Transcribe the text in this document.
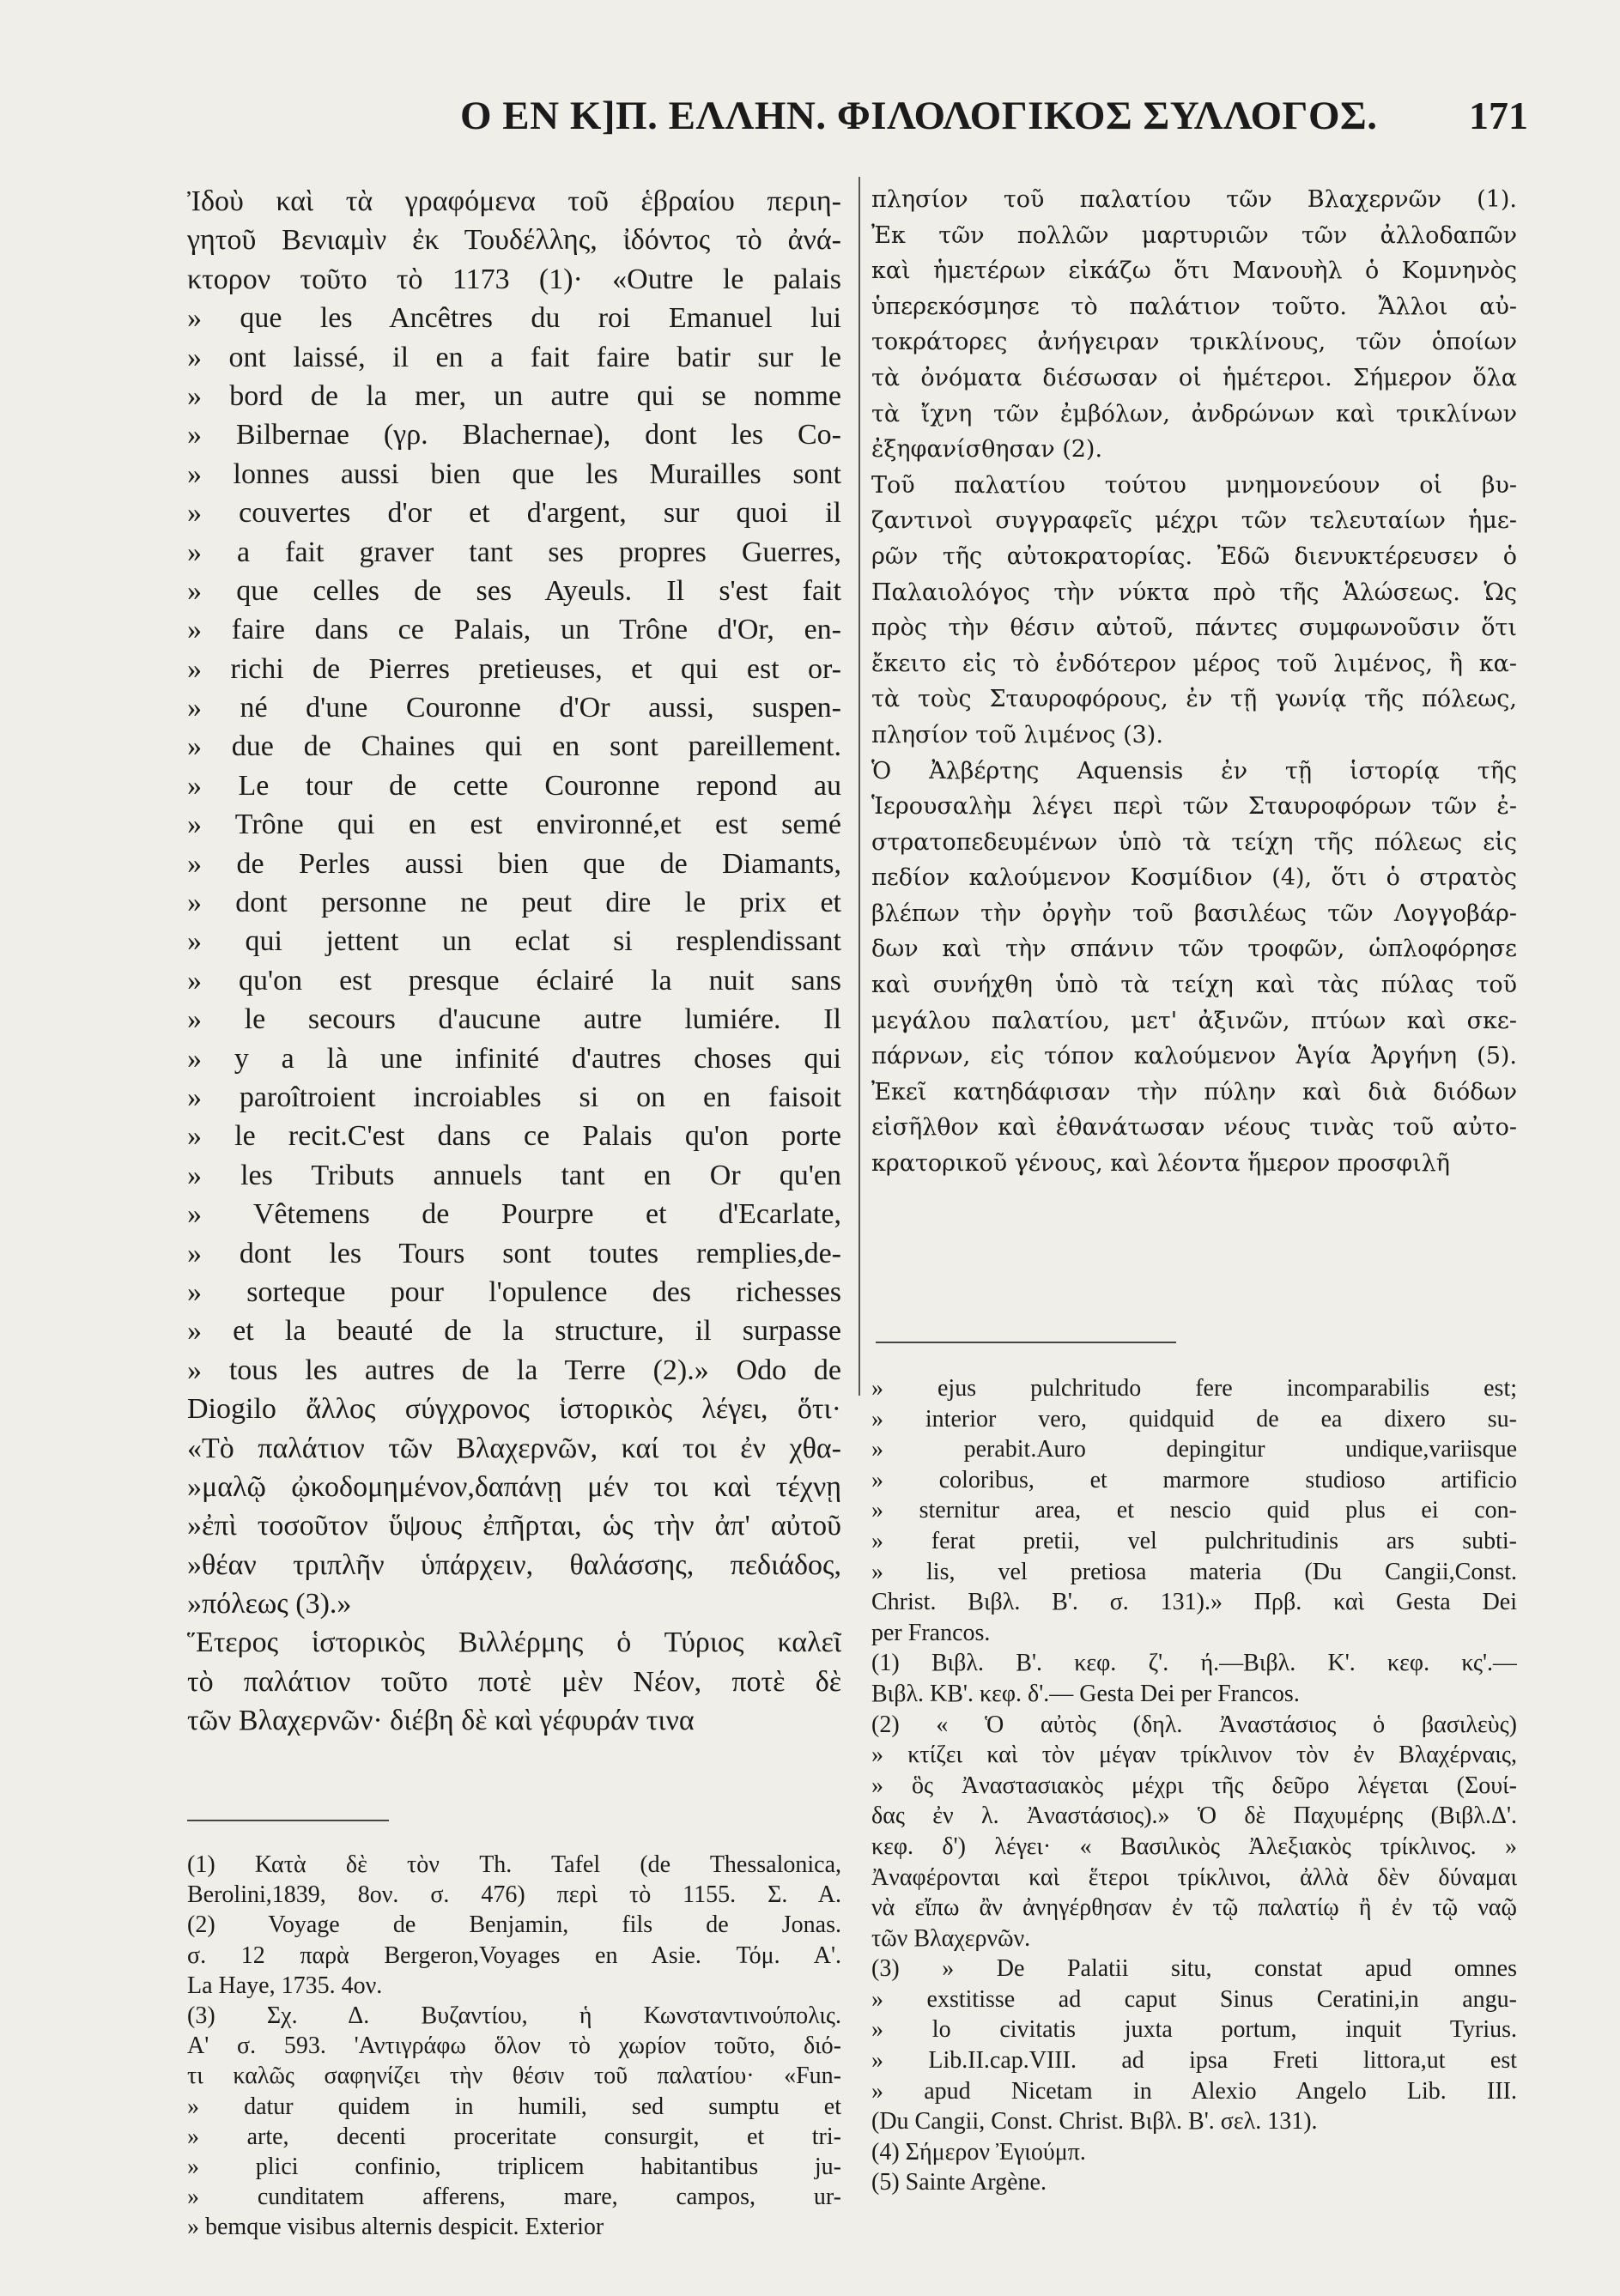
Ο ΕΝ Κ]Π. ΕΛΛΗΝ. ΦΙΛΟΛΟΓΙΚΟΣ ΣΥΛΛΟΓΟΣ. 171
Ἰδοὺ καὶ τὰ γραφόμενα τοῦ ἑβραίου περιη-
γητοῦ Βενιαμὶν ἐκ Τουδέλλης, ἰδόντος τὸ ἀνά-
κτορον τοῦτο τὸ 1173 (1)· «Outre le palais
» que les Ancêtres du roi Emanuel lui
» ont laissé, il en a fait faire batir sur le
» bord de la mer, un autre qui se nomme
» Bilbernae (γρ. Blachernae), dont les Co-
» lonnes aussi bien que les Murailles sont
» couvertes d'or et d'argent, sur quoi il
» a fait graver tant ses propres Guerres,
» que celles de ses Ayeuls. Il s'est fait
» faire dans ce Palais, un Trône d'Or, en-
» richi de Pierres pretieuses, et qui est or-
» né d'une Couronne d'Or aussi, suspen-
» due de Chaines qui en sont pareillement.
» Le tour de cette Couronne repond au
» Trône qui en est environné,et est semé
» de Perles aussi bien que de Diamants,
» dont personne ne peut dire le prix et
» qui jettent un eclat si resplendissant
» qu'on est presque éclairé la nuit sans
» le secours d'aucune autre lumiére. Il
» y a là une infinité d'autres choses qui
» paroîtroient incroiables si on en faisoit
» le recit.C'est dans ce Palais qu'on porte
» les Tributs annuels tant en Or qu'en
» Vêtemens de Pourpre et d'Ecarlate,
» dont les Tours sont toutes remplies,de-
» sorteque pour l'opulence des richesses
» et la beauté de la structure, il surpasse
» tous les autres de la Terre (2).» Odo de
Diogilo ἄλλος σύγχρονος ἱστορικὸς λέγει, ὅτι·
«Τὸ παλάτιον τῶν Βλαχερνῶν, καί τοι ἐν χθα-
»μαλῷ ᾠκοδομημένον,δαπάνῃ μέν τοι καὶ τέχνῃ
»ἐπὶ τοσοῦτον ὕψους ἐπῆρται, ὡς τὴν ἀπ' αὐτοῦ
»θέαν τριπλῆν ὑπάρχειν, θαλάσσης, πεδιάδος,
»πόλεως (3).»
Ἕτερος ἱστορικὸς Βιλλέρμης ὁ Τύριος καλεῖ
τὸ παλάτιον τοῦτο ποτὲ μὲν Νέον, ποτὲ δὲ
τῶν Βλαχερνῶν· διέβη δὲ καὶ γέφυράν τινα
πλησίον τοῦ παλατίου τῶν Βλαχερνῶν (1).
Ἐκ τῶν πολλῶν μαρτυριῶν τῶν ἀλλοδαπῶν
καὶ ἡμετέρων εἰκάζω ὅτι Μανουὴλ ὁ Κομνηνὸς
ὑπερεκόσμησε τὸ παλάτιον τοῦτο. Ἄλλοι αὐ-
τοκράτορες ἀνήγειραν τρικλίνους, τῶν ὁποίων
τὰ ὀνόματα διέσωσαν οἱ ἡμέτεροι. Σήμερον ὅλα
τὰ ἴχνη τῶν ἐμβόλων, ἀνδρώνων καὶ τρικλίνων
ἐξηφανίσθησαν (2).
Τοῦ παλατίου τούτου μνημονεύουν οἱ βυ-
ζαντινοὶ συγγραφεῖς μέχρι τῶν τελευταίων ἡμε-
ρῶν τῆς αὐτοκρατορίας. Ἐδῶ διενυκτέρευσεν ὁ
Παλαιολόγος τὴν νύκτα πρὸ τῆς Ἁλώσεως. Ὡς
πρὸς τὴν θέσιν αὐτοῦ, πάντες συμφωνοῦσιν ὅτι
ἔκειτο εἰς τὸ ἐνδότερον μέρος τοῦ λιμένος, ἢ κα-
τὰ τοὺς Σταυροφόρους, ἐν τῇ γωνίᾳ τῆς πόλεως,
πλησίον τοῦ λιμένος (3).
Ὁ Ἀλβέρτης Aquensis ἐν τῇ ἱστορίᾳ τῆς
Ἱερουσαλὴμ λέγει περὶ τῶν Σταυροφόρων τῶν ἐ-
στρατοπεδευμένων ὑπὸ τὰ τείχη τῆς πόλεως εἰς
πεδίον καλούμενον Κοσμίδιον (4), ὅτι ὁ στρατὸς
βλέπων τὴν ὀργὴν τοῦ βασιλέως τῶν Λογγοβάρ-
δων καὶ τὴν σπάνιν τῶν τροφῶν, ὡπλοφόρησε
καὶ συνήχθη ὑπὸ τὰ τείχη καὶ τὰς πύλας τοῦ
μεγάλου παλατίου, μετ' ἀξινῶν, πτύων καὶ σκε-
πάρνων, εἰς τόπον καλούμενον Ἁγία Ἀργήνη (5).
Ἐκεῖ κατηδάφισαν τὴν πύλην καὶ διὰ διόδων
εἰσῆλθον καὶ ἐθανάτωσαν νέους τινὰς τοῦ αὐτο-
κρατορικοῦ γένους, καὶ λέοντα ἥμερον προσφιλῆ
(1) Κατὰ δὲ τὸν Th. Tafel (de Thessalonica,
Berolini,1839, 8ον. σ. 476) περὶ τὸ 1155. Σ. Α.
(2) Voyage de Benjamin, fils de Jonas.
σ. 12 παρὰ Bergeron,Voyages en Asie. Τόμ. Α'.
La Haye, 1735. 4ον.
(3) Σχ. Δ. Βυζαντίου, ἡ Κωνσταντινούπολις.
Α' σ. 593. 'Αντιγράφω ὅλον τὸ χωρίον τοῦτο, διό-
τι καλῶς σαφηνίζει τὴν θέσιν τοῦ παλατίου· «Fun-
» datur quidem in humili, sed sumptu et
» arte, decenti proceritate consurgit, et tri-
» plici confinio, triplicem habitantibus ju-
» cunditatem afferens, mare, campos, ur-
» bemque visibus alternis despicit. Exterior
» ejus pulchritudo fere incomparabilis est;
» interior vero, quidquid de ea dixero su-
» perabit.Auro depingitur undique,variisque
» coloribus, et marmore studioso artificio
» sternitur area, et nescio quid plus ei con-
» ferat pretii, vel pulchritudinis ars subti-
» lis, vel pretiosa materia (Du Cangii,Const.
Christ. Βιβλ. Β'. σ. 131).» Πρβ. καὶ Gesta Dei
per Francos.
(1) Βιβλ. Β'. κεφ. ζ'. ή.—Βιβλ. Κ'. κεφ. κς'.—
Βιβλ. ΚΒ'. κεφ. δ'.— Gesta Dei per Francos.
(2) « Ὁ αὐτὸς (δηλ. Ἀναστάσιος ὁ βασιλεὺς)
» κτίζει καὶ τὸν μέγαν τρίκλινον τὸν ἐν Βλαχέρναις,
» ὃς Ἀναστασιακὸς μέχρι τῆς δεῦρο λέγεται (Σουί-
δας ἐν λ. Ἀναστάσιος).» Ὁ δὲ Παχυμέρης (Βιβλ.Δ'.
κεφ. δ') λέγει· « Βασιλικὸς Ἀλεξιακὸς τρίκλινος. »
Ἀναφέρονται καὶ ἕτεροι τρίκλινοι, ἀλλὰ δὲν δύναμαι
νὰ εἴπω ἂν ἀνηγέρθησαν ἐν τῷ παλατίῳ ἢ ἐν τῷ ναῷ
τῶν Βλαχερνῶν.
(3) » De Palatii situ, constat apud omnes
» exstitisse ad caput Sinus Ceratini,in angu-
» lo civitatis juxta portum, inquit Tyrius.
» Lib.II.cap.VIII. ad ipsa Freti littora,ut est
» apud Nicetam in Alexio Angelo Lib. III.
(Du Cangii, Const. Christ. Βιβλ. Β'. σελ. 131).
(4) Σήμερον Ἐγιούμπ.
(5) Sainte Argène.
